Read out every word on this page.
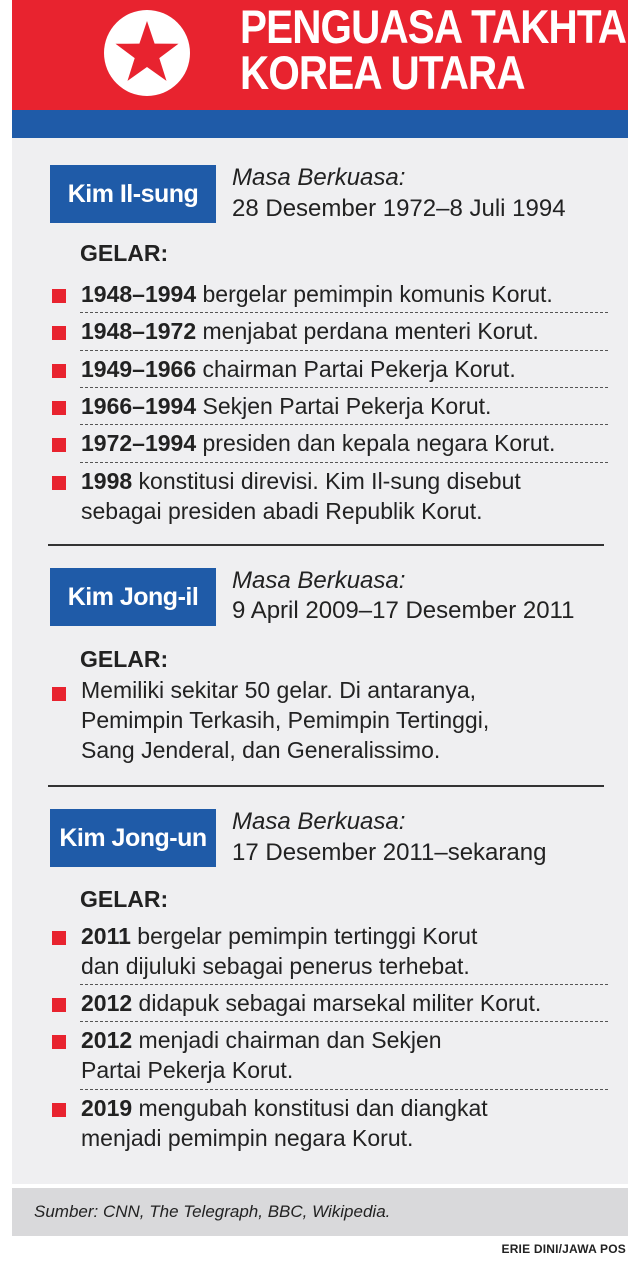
PENGUASA TAKHTA
KOREA UTARA
Kim Il-sung
Masa Berkuasa:
28 Desember 1972–8 Juli 1994
GELAR:
1948–1994 bergelar pemimpin komunis Korut.
1948–1972 menjabat perdana menteri Korut.
1949–1966 chairman Partai Pekerja Korut.
1966–1994 Sekjen Partai Pekerja Korut.
1972–1994 presiden dan kepala negara Korut.
1998 konstitusi direvisi. Kim Il-sung disebut
sebagai presiden abadi Republik Korut.
Kim Jong-il
Masa Berkuasa:
9 April 2009–17 Desember 2011
GELAR:
Memiliki sekitar 50 gelar. Di antaranya,
Pemimpin Terkasih, Pemimpin Tertinggi,
Sang Jenderal, dan Generalissimo.
Kim Jong-un
Masa Berkuasa:
17 Desember 2011–sekarang
GELAR:
2011 bergelar pemimpin tertinggi Korut
dan dijuluki sebagai penerus terhebat.
2012 didapuk sebagai marsekal militer Korut.
2012 menjadi chairman dan Sekjen
Partai Pekerja Korut.
2019 mengubah konstitusi dan diangkat
menjadi pemimpin negara Korut.
Sumber: CNN, The Telegraph, BBC, Wikipedia.
ERIE DINI/JAWA POS
